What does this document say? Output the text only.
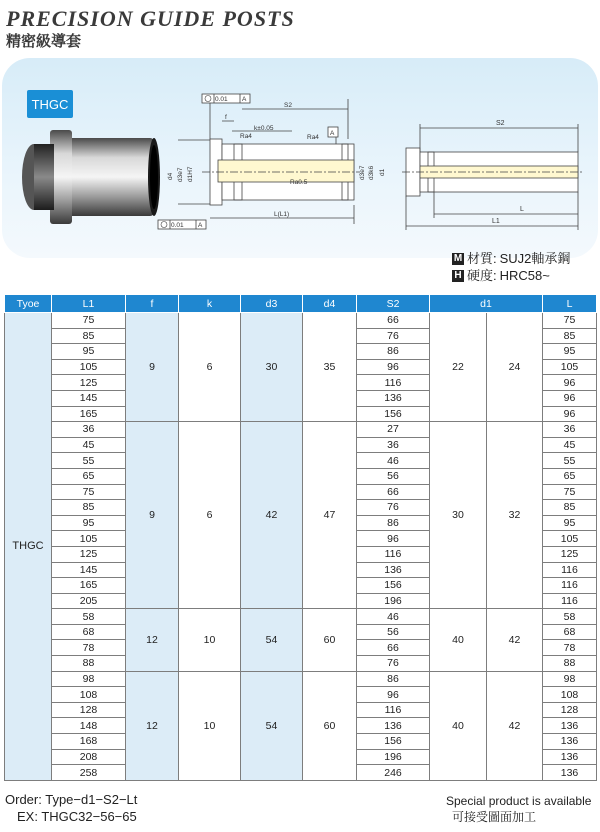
PRECISION GUIDE POSTS
精密級導套
THGC	0.01 A
0.01 A
A
S2
f
k±0.05
L(L1)
Ra4	Ra4
Ra0.5
d3e7 d3k6 d1
d4 d3e7 d1H7
S2
L
L1
M 材質: SUJ2軸承鋼
H 硬度: HRC58~
Tyoe	L1	f	k	d3	d4	S2	d1		L
THGC	75	9	6	30	35	66	22	24	75
	85					76			85
	95					86			95
	105					96			105
	125					116			96
	145					136			96
	165					156			96
	36	9	6	42	47	27	30	32	36
	45					36			45
	55					46			55
	65					56			65
	75					66			75
	85					76			85
	95					86			95
	105					96			105
	125					116			125
	145					136			116
	165					156			116
	205					196			116
	58	12	10	54	60	46	40	42	58
	68					56			68
	78					66			78
	88					76			88
	98	12	10	54	60	86	40	42	98
	108					96			108
	128					116			128
	148					136			136
	168					156			136
	208					196			136
	258					246			136
Order: Type−d1−S2−Lt
EX: THGC32−56−65
Special product is available
可接受圖面加工
